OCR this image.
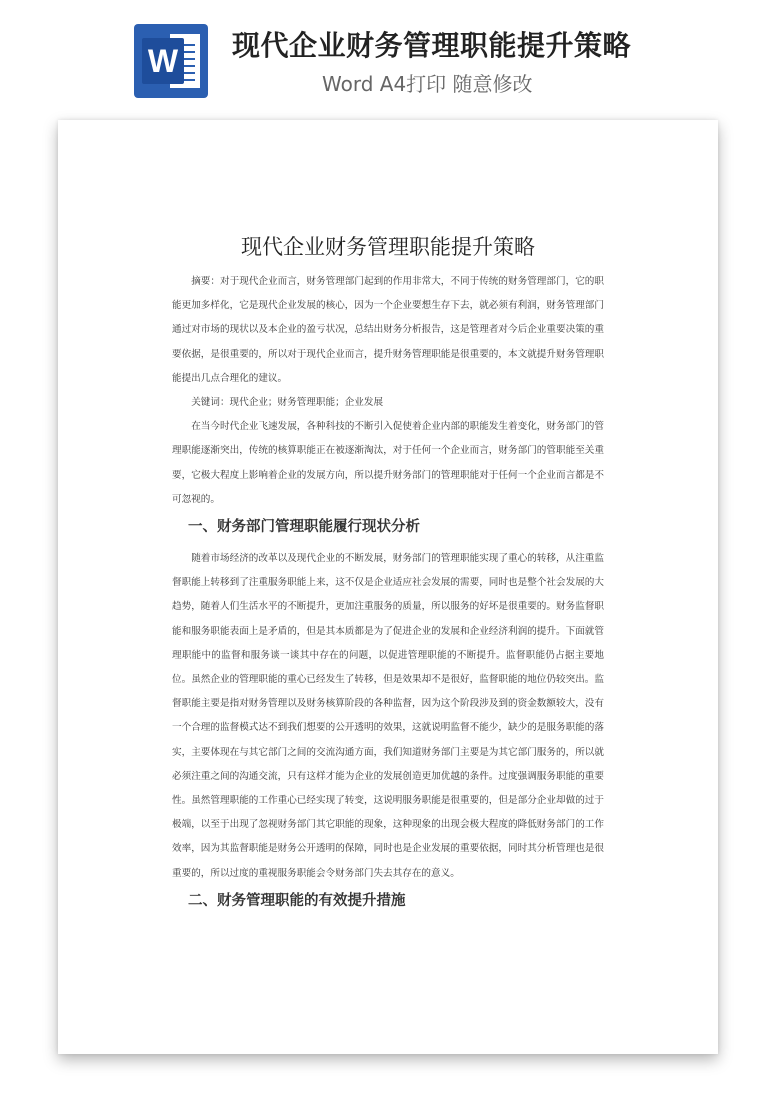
W 现代企业财务管理职能提升策略
Word A4打印 随意修改
现代企业财务管理职能提升策略

摘要：对于现代企业而言，财务管理部门起到的作用非常大，不同于传统的财务管理部门，它的职能更加多样化，它是现代企业发展的核心，因为一个企业要想生存下去，就必须有利润，财务管理部门通过对市场的现状以及本企业的盈亏状况，总结出财务分析报告，这是管理者对今后企业重要决策的重要依据，是很重要的，所以对于现代企业而言，提升财务管理职能是很重要的，本文就提升财务管理职能提出几点合理化的建议。

关键词：现代企业；财务管理职能；企业发展

在当今时代企业飞速发展，各种科技的不断引入促使着企业内部的职能发生着变化，财务部门的管理职能逐渐突出，传统的核算职能正在被逐渐淘汰，对于任何一个企业而言，财务部门的管职能至关重要，它极大程度上影响着企业的发展方向，所以提升财务部门的管理职能对于任何一个企业而言都是不可忽视的。

一、财务部门管理职能履行现状分析

随着市场经济的改革以及现代企业的不断发展，财务部门的管理职能实现了重心的转移，从注重监督职能上转移到了注重服务职能上来，这不仅是企业适应社会发展的需要，同时也是整个社会发展的大趋势，随着人们生活水平的不断提升，更加注重服务的质量，所以服务的好坏是很重要的。财务监督职能和服务职能表面上是矛盾的，但是其本质都是为了促进企业的发展和企业经济利润的提升。下面就管理职能中的监督和服务谈一谈其中存在的问题，以促进管理职能的不断提升。监督职能仍占据主要地位。虽然企业的管理职能的重心已经发生了转移，但是效果却不是很好，监督职能的地位仍较突出。监督职能主要是指对财务管理以及财务核算阶段的各种监督，因为这个阶段涉及到的资金数额较大，没有一个合理的监督模式达不到我们想要的公开透明的效果，这就说明监督不能少，缺少的是服务职能的落实，主要体现在与其它部门之间的交流沟通方面，我们知道财务部门主要是为其它部门服务的，所以就必须注重之间的沟通交流，只有这样才能为企业的发展创造更加优越的条件。过度强调服务职能的重要性。虽然管理职能的工作重心已经实现了转变，这说明服务职能是很重要的，但是部分企业却做的过于极端，以至于出现了忽视财务部门其它职能的现象，这种现象的出现会极大程度的降低财务部门的工作效率，因为其监督职能是财务公开透明的保障，同时也是企业发展的重要依据，同时其分析管理也是很重要的，所以过度的重视服务职能会令财务部门失去其存在的意义。

二、财务管理职能的有效提升措施
